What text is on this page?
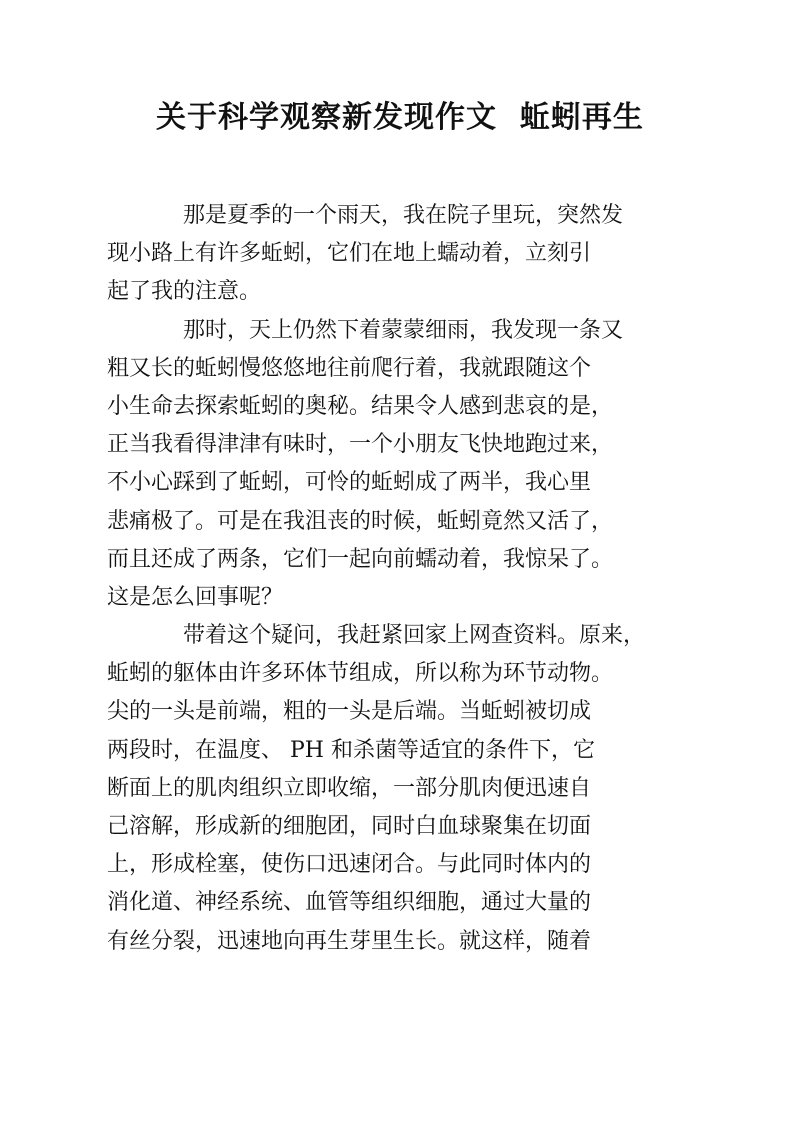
关于科学观察新发现作文  蚯蚓再生
那是夏季的一个雨天，我在院子里玩，突然发
现小路上有许多蚯蚓，它们在地上蠕动着，立刻引
起了我的注意。
那时，天上仍然下着蒙蒙细雨，我发现一条又
粗又长的蚯蚓慢悠悠地往前爬行着，我就跟随这个
小生命去探索蚯蚓的奥秘。结果令人感到悲哀的是，
正当我看得津津有味时，一个小朋友飞快地跑过来，
不小心踩到了蚯蚓，可怜的蚯蚓成了两半，我心里
悲痛极了。可是在我沮丧的时候，蚯蚓竟然又活了，
而且还成了两条，它们一起向前蠕动着，我惊呆了。
这是怎么回事呢？
带着这个疑问，我赶紧回家上网查资料。原来，
蚯蚓的躯体由许多环体节组成，所以称为环节动物。
尖的一头是前端，粗的一头是后端。当蚯蚓被切成
两段时，在温度、 PH 和杀菌等适宜的条件下，它
断面上的肌肉组织立即收缩，一部分肌肉便迅速自
己溶解，形成新的细胞团，同时白血球聚集在切面
上，形成栓塞，使伤口迅速闭合。与此同时体内的
消化道、神经系统、血管等组织细胞，通过大量的
有丝分裂，迅速地向再生芽里生长。就这样，随着
